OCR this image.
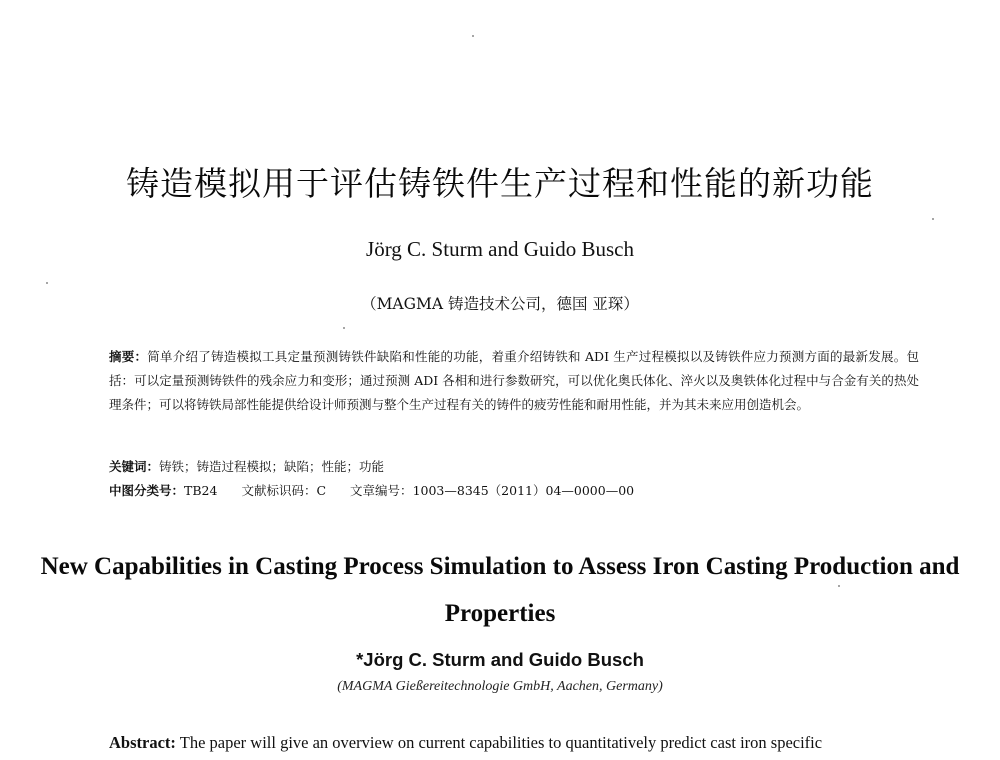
铸造模拟用于评估铸铁件生产过程和性能的新功能
Jörg C. Sturm and Guido Busch
（MAGMA 铸造技术公司，德国 亚琛）
摘要：简单介绍了铸造模拟工具定量预测铸铁件缺陷和性能的功能，着重介绍铸铁和 ADI 生产过程模拟以及铸铁件应力预测方面的最新发展。包括：可以定量预测铸铁件的残余应力和变形；通过预测 ADI 各相和进行参数研究，可以优化奥氏体化、淬火以及奥铁体化过程中与合金有关的热处理条件；可以将铸铁局部性能提供给设计师预测与整个生产过程有关的铸件的疲劳性能和耐用性能，并为其未来应用创造机会。
关键词：铸铁；铸造过程模拟；缺陷；性能；功能
中图分类号：TB24 文献标识码：C 文章编号：1003—8345（2011）04—0000—00
New Capabilities in Casting Process Simulation to Assess Iron Casting Production and Properties
*Jörg C. Sturm and Guido Busch
(MAGMA Gießereitechnologie GmbH, Aachen, Germany)
Abstract: The paper will give an overview on current capabilities to quantitatively predict cast iron specific
